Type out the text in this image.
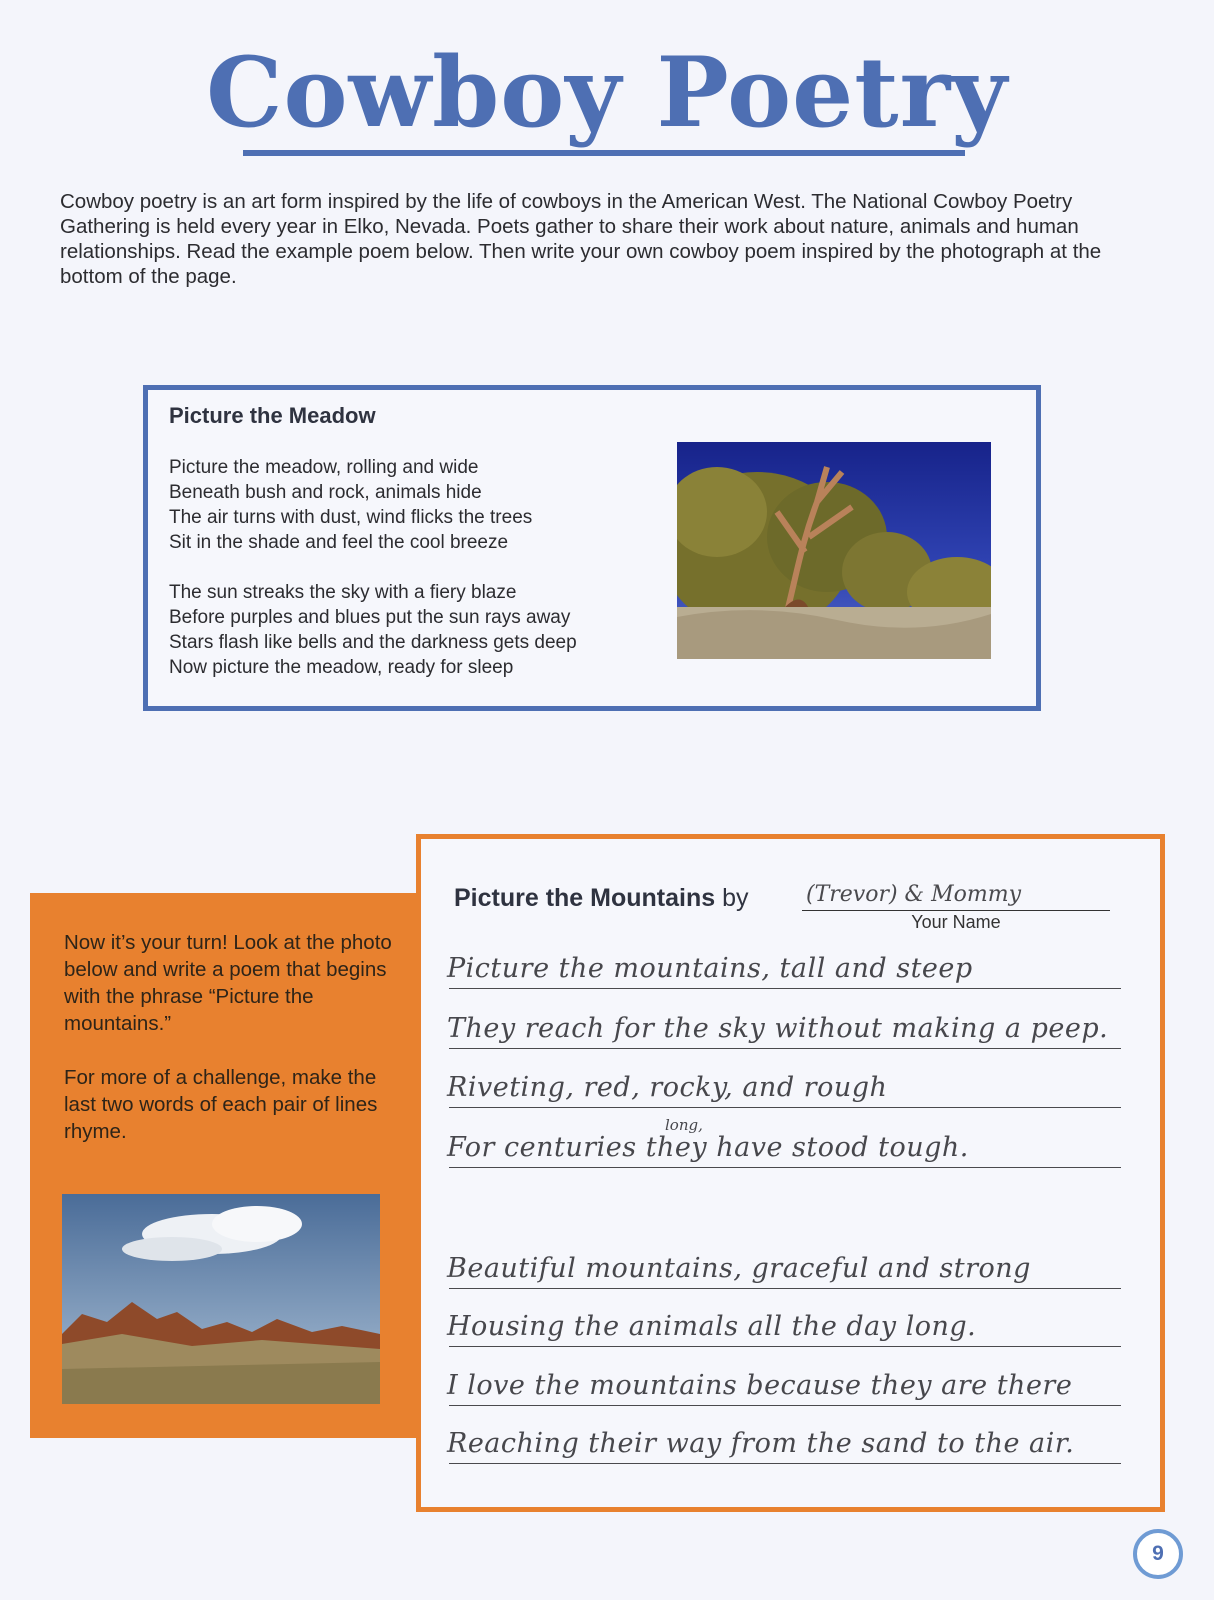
Cowboy Poetry
Cowboy poetry is an art form inspired by the life of cowboys in the American West. The National Cowboy Poetry Gathering is held every year in Elko, Nevada. Poets gather to share their work about nature, animals and human relationships. Read the example poem below. Then write your own cowboy poem inspired by the photograph at the bottom of the page.
Picture the Meadow
Picture the meadow, rolling and wide
Beneath bush and rock, animals hide
The air turns with dust, wind flicks the trees
Sit in the shade and feel the cool breeze
The sun streaks the sky with a fiery blaze
Before purples and blues put the sun rays away
Stars flash like bells and the darkness gets deep
Now picture the meadow, ready for sleep
Now it’s your turn! Look at the photo below and write a poem that begins with the phrase “Picture the mountains.”
For more of a challenge, make the last two words of each pair of lines rhyme.
Picture the Mountains by	(Trevor) & Mommy
Your Name
Picture the mountains, tall and steep
They reach for the sky without making a peep.
Riveting, red, rocky, and rough
long,
For centuries they have stood tough.
Beautiful mountains, graceful and strong
Housing the animals all the day long.
I love the mountains because they are there
Reaching their way from the sand to the air.
9
